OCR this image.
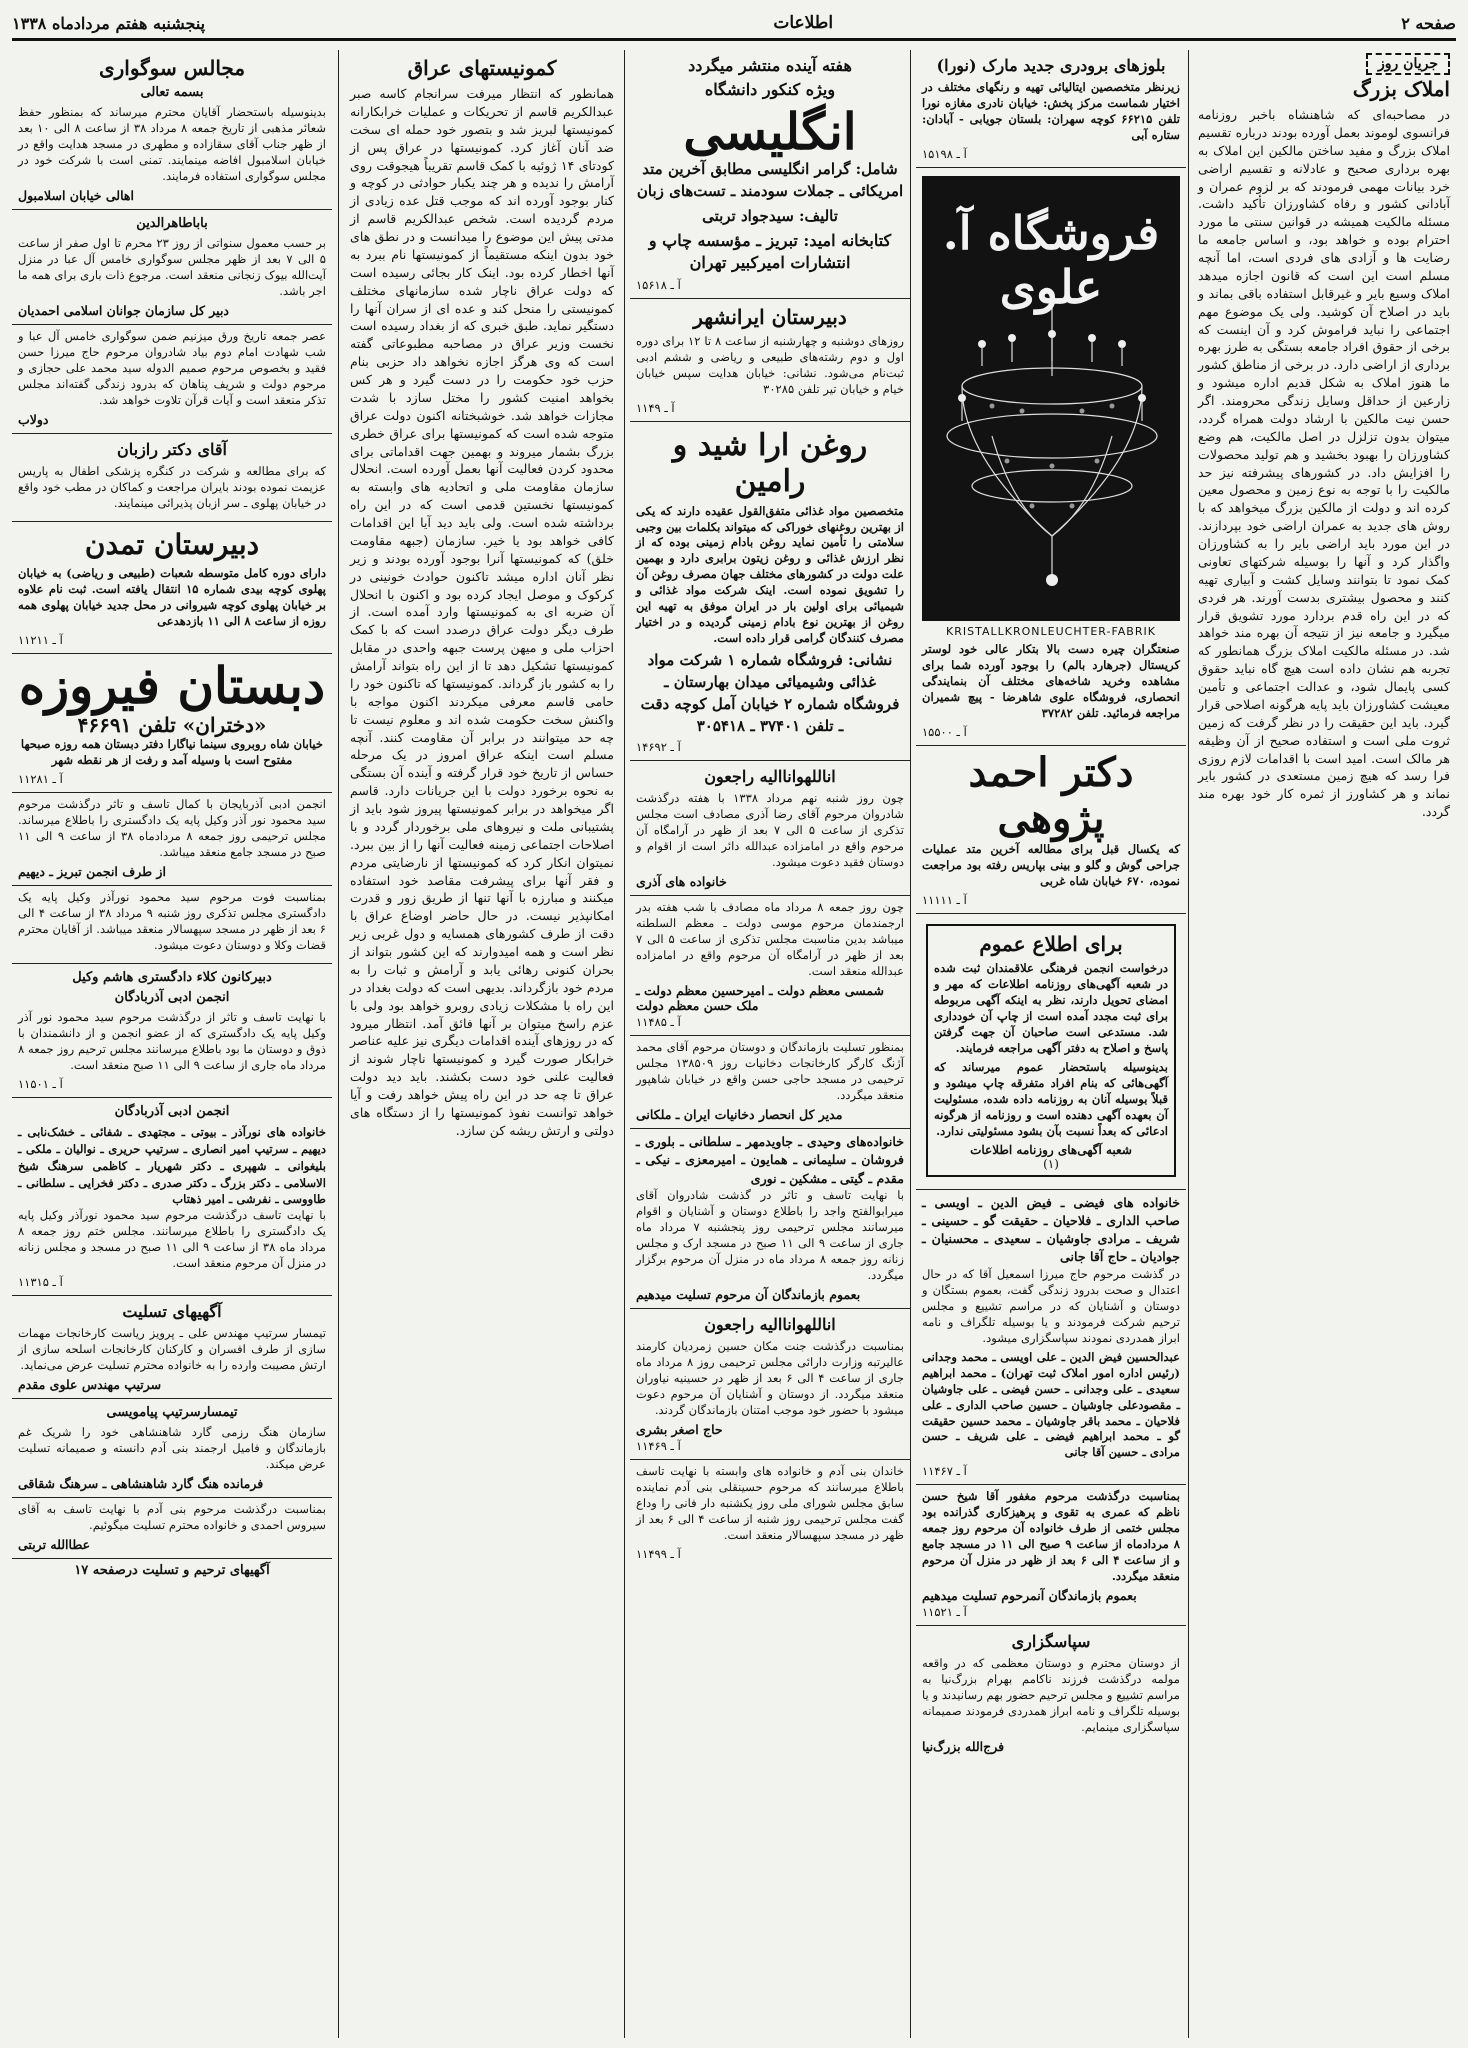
صفحه ۲
اطلاعات
پنجشنبه هفتم مردادماه ۱۳۳۸
جریان روز
املاک بزرگ

در مصاحبه‌ای که شاهنشاه باخبر روزنامه فرانسوی لوموند بعمل آورده بودند درباره تقسیم املاک بزرگ و مفید ساختن مالکین این املاک به بهره برداری صحیح و عادلانه و تقسیم اراضی خرد بیانات مهمی فرمودند که بر لزوم عمران و آبادانی کشور و رفاه کشاورزان تأکید داشت. مسئله مالکیت همیشه در قوانین سنتی ما مورد احترام بوده و خواهد بود، و اساس جامعه ما رضایت ها و آزادی های فردی است، اما آنچه مسلم است این است که قانون اجازه میدهد املاک وسیع بایر و غیرقابل استفاده باقی بماند و باید در اصلاح آن کوشید. ولی یک موضوع مهم اجتماعی را نباید فراموش کرد و آن اینست که برخی از حقوق افراد جامعه بستگی به طرز بهره برداری از اراضی دارد. در برخی از مناطق کشور ما هنوز املاک به شکل قدیم اداره میشود و زارعین از حداقل وسایل زندگی محرومند. اگر حسن نیت مالکین با ارشاد دولت همراه گردد، میتوان بدون تزلزل در اصل مالکیت، هم وضع کشاورزان را بهبود بخشید و هم تولید محصولات را افزایش داد. در کشورهای پیشرفته نیز حد مالکیت را با توجه به نوع زمین و محصول معین کرده اند و دولت از مالکین بزرگ میخواهد که با روش های جدید به عمران اراضی خود بپردازند. در این مورد باید اراضی بایر را به کشاورزان واگذار کرد و آنها را بوسیله شرکتهای تعاونی کمک نمود تا بتوانند وسایل کشت و آبیاری تهیه کنند و محصول بیشتری بدست آورند. هر فردی که در این راه قدم بردارد مورد تشویق قرار میگیرد و جامعه نیز از نتیجه آن بهره مند خواهد شد. در مسئله مالکیت املاک بزرگ همانطور که تجربه هم نشان داده است هیچ گاه نباید حقوق کسی پایمال شود، و عدالت اجتماعی و تأمین معیشت کشاورزان باید پایه هرگونه اصلاحی قرار گیرد. باید این حقیقت را در نظر گرفت که زمین ثروت ملی است و استفاده صحیح از آن وظیفه هر مالک است. امید است با اقدامات لازم روزی فرا رسد که هیچ زمین مستعدی در کشور بایر نماند و هر کشاورز از ثمره کار خود بهره مند گردد.

بلوزهای برودری جدید مارک (نورا)

زیرنظر متخصصین ایتالیائی تهیه و رنگهای مختلف در اختیار شماست مرکز پخش: خیابان نادری مغازه نورا تلفن ۶۶۲۱۵ کوچه سهران: بلستان جویابی - آبادان: ستاره آبی

آ ـ ۱۵۱۹۸
فروشگاه آ. علوی
KRISTALLKRONLEUCHTER-FABRIK

صنعتگران چیره دست بالا بتکار عالی خود لوستر کریستال (جرهارد بالم) را بوجود آورده شما برای مشاهده وخرید شاخه‌های مختلف آن بنمایندگی انحصاری، فروشگاه علوی شاهرضا - پیچ شمیران مراجعه فرمائید. تلفن ۳۷۲۸۲

آ ـ ۱۵۵۰۰
دکتر احمد پژوهی

که یکسال قبل برای مطالعه آخرین متد عملیات جراحی گوش و گلو و بینی بپاریس رفته بود مراجعت نموده، ۶۷۰ خیابان شاه غربی

آ ـ ۱۱۱۱۱
برای اطلاع عموم

درخواست انجمن فرهنگی علاقمندان ثبت شده در شعبه آگهی‌های روزنامه اطلاعات که مهر و امضای تحویل دارند، نظر به اینکه آگهی مربوطه برای ثبت مجدد آمده است از چاپ آن خودداری شد. مستدعی است صاحبان آن جهت گرفتن پاسخ و اصلاح به دفتر آگهی مراجعه فرمایند.

بدینوسیله باستحضار عموم میرساند که آگهی‌هائی که بنام افراد متفرقه چاپ میشود و قبلاً بوسیله آنان به روزنامه داده شده، مسئولیت آن بعهده آگهی دهنده است و روزنامه از هرگونه ادعائی که بعداً نسبت بآن بشود مسئولیتی ندارد.

شعبه آگهی‌های روزنامه اطلاعات
(۱)
خانواده های فیضی ـ فیض الدین ـ اویسی ـ صاحب الداری ـ فلاحیان ـ حقیقت گو ـ حسینی ـ شریف ـ مرادی جاوشیان ـ سعیدی ـ محسنیان ـ جوادیان ـ حاج آقا جانی

در گذشت مرحوم حاج میرزا اسمعیل آقا که در حال اعتدال و صحت بدرود زندگی گفت، بعموم بستگان و دوستان و آشنایان که در مراسم تشییع و مجلس ترحیم شرکت فرمودند و یا بوسیله تلگراف و نامه ابراز همدردی نمودند سپاسگزاری میشود.

عبدالحسین فیض الدین ـ علی اویسی ـ محمد وجدانی (رئیس اداره امور املاک ثبت تهران) ـ محمد ابراهیم سعیدی ـ علی وجدانی ـ حسن فیضی ـ علی جاوشیان ـ مقصودعلی جاوشیان ـ حسین صاحب الداری ـ علی فلاحیان ـ محمد باقر جاوشیان ـ محمد حسین حقیقت گو ـ محمد ابراهیم فیضی ـ علی شریف ـ حسن مرادی ـ حسین آقا جانی

آ ـ ۱۱۴۶۷

بمناسبت درگذشت مرحوم مغفور آقا شیخ حسن ناظم که عمری به تقوی و پرهیزکاری گذرانده بود مجلس ختمی از طرف خانواده آن مرحوم روز جمعه ۸ مردادماه از ساعت ۹ صبح الی ۱۱ در مسجد جامع و از ساعت ۴ الی ۶ بعد از ظهر در منزل آن مرحوم منعقد میگردد.

بعموم بازماندگان آنمرحوم تسلیت میدهیم
آ ـ ۱۱۵۲۱
سپاسگزاری

از دوستان محترم و دوستان معظمی که در واقعه مولمه درگذشت فرزند ناکامم بهرام بزرگ‌نیا به مراسم تشییع و مجلس ترحیم حضور بهم رسانیدند و یا بوسیله تلگراف و نامه ابراز همدردی فرمودند صمیمانه سپاسگزاری مینمایم.

فرج‌الله بزرگ‌نیا
هفته آینده منتشر میگردد
ویژه کنکور دانشگاه
انگلیسی

شامل: گرامر انگلیسی مطابق آخرین متد امریکائی ـ جملات سودمند ـ تست‌های زبان

تالیف: سیدجواد تربتی

کتابخانه امید: تبریز ـ مؤسسه چاپ و انتشارات امیرکبیر تهران

آ ـ ۱۵۶۱۸
دبیرستان ایرانشهر

روزهای دوشنبه و چهارشنبه از ساعت ۸ تا ۱۲ برای دوره اول و دوم رشته‌های طبیعی و ریاضی و ششم ادبی ثبت‌نام می‌شود. نشانی: خیابان هدایت سپس خیابان خیام و خیابان تیر تلفن ۳۰۲۸۵

آ ـ ۱۱۴۹
روغن ارا شید و رامین

متخصصین مواد غذائی متفق‌القول عقیده دارند که یکی از بهترین روغنهای خوراکی که میتواند بکلمات بین وجبی سلامتی را تأمین نماید روغن بادام زمینی بوده که از نظر ارزش غذائی و روغن زیتون برابری دارد و بهمین علت دولت در کشورهای مختلف جهان مصرف روغن آن را تشویق نموده است. اینک شرکت مواد غذائی و شیمیائی برای اولین بار در ایران موفق به تهیه این روغن از بهترین نوع بادام زمینی گردیده و در اختیار مصرف کنندگان گرامی قرار داده است.

نشانی: فروشگاه شماره ۱ شرکت مواد غذائی وشیمیائی میدان بهارستان ـ فروشگاه شماره ۲ خیابان آمل کوچه دقت ـ تلفن ۳۷۴۰۱ ـ ۳۰۵۴۱۸

آ ـ ۱۴۶۹۲
اناللهوانااليه راجعون

چون روز شنبه نهم مرداد ۱۳۳۸ با هفته درگذشت شادروان مرحوم آقای رضا آذری مصادف است مجلس تذکری از ساعت ۵ الی ۷ بعد از ظهر در آرامگاه آن مرحوم واقع در امامزاده عبدالله دائر است از اقوام و دوستان فقید دعوت میشود.

خانواده های آذری

چون روز جمعه ۸ مرداد ماه مصادف با شب هفته بدر ارجمندمان مرحوم موسی دولت ـ معظم السلطنه میباشد بدین مناسبت مجلس تذکری از ساعت ۵ الی ۷ بعد از ظهر در آرامگاه آن مرحوم واقع در امامزاده عبدالله منعقد است.

شمسی معظم دولت ـ امیرحسین معظم دولت ـ ملک حسن معظم دولت
آ ـ ۱۱۴۸۵

بمنظور تسلیت بازماندگان و دوستان مرحوم آقای محمد آژنگ کارگر کارخانجات دخانیات روز ۱۳۸۵۰۹ مجلس ترحیمی در مسجد حاجی حسن واقع در خیابان شاهپور منعقد میگردد.

مدیر کل انحصار دخانیات ایران ـ ملکانی
خانواده‌های وحیدی ـ جاویدمهر ـ سلطانی ـ بلوری ـ فروشان ـ سلیمانی ـ همایون ـ امیرمعزی ـ نیکی ـ مقدم ـ گیتی ـ مشکین ـ نوری

با نهایت تاسف و تاثر در گذشت شادروان آقای میرابوالفتح واجد را باطلاع دوستان و آشنایان و اقوام میرسانند مجلس ترحیمی روز پنجشنبه ۷ مرداد ماه جاری از ساعت ۹ الی ۱۱ صبح در مسجد ارک و مجلس زنانه روز جمعه ۸ مرداد ماه در منزل آن مرحوم برگزار میگردد.

بعموم بازماندگان آن مرحوم تسلیت میدهیم
اناللهواناالیه راجعون

بمناسبت درگذشت جنت مکان حسین زمردیان کارمند عالیرتبه وزارت دارائی مجلس ترحیمی روز ۸ مرداد ماه جاری از ساعت ۴ الی ۶ بعد از ظهر در حسینیه نیاوران منعقد میگردد. از دوستان و آشنایان آن مرحوم دعوت میشود با حضور خود موجب امتنان بازماندگان گردند.

حاج اصغر بشری
آ ـ ۱۱۴۶۹

خاندان بنی آدم و خانواده های وابسته با نهایت تاسف باطلاع میرسانند که مرحوم حسینقلی بنی آدم نماینده سابق مجلس شورای ملی روز یکشنبه دار فانی را وداع گفت مجلس ترحیمی روز شنبه از ساعت ۴ الی ۶ بعد از ظهر در مسجد سپهسالار منعقد است.

آ ـ ۱۱۴۹۹
مجالس سوگواری
بسمه تعالی

بدینوسیله باستحضار آقایان محترم میرساند که بمنظور حفظ شعائر مذهبی از تاریخ جمعه ۸ مرداد ۳۸ از ساعت ۸ الی ۱۰ بعد از ظهر جناب آقای سقازاده و مطهری در مسجد هدایت واقع در خیابان اسلامبول افاضه مینمایند. تمنی است با شرکت خود در مجلس سوگواری استفاده فرمایند.

اهالی خیابان اسلامبول
باباطاهرالدین

بر حسب معمول سنواتی از روز ۲۳ محرم تا اول صفر از ساعت ۵ الی ۷ بعد از ظهر مجلس سوگواری خامس آل عبا در منزل آیت‌الله بیوک زنجانی منعقد است. مرجوع ذات باری برای همه ما اجر باشد.

دبیر کل سازمان جوانان اسلامی احمدیان

عصر جمعه تاریخ ورق میزنیم ضمن سوگواری خامس آل عبا و شب شهادت امام دوم بیاد شادروان مرحوم حاج میرزا حسن فقید و بخصوص مرحوم صمیم الدوله سید محمد علی حجازی و مرحوم دولت و شریف پناهان که بدرود زندگی گفته‌اند مجلس تذکر منعقد است و آیات قرآن تلاوت خواهد شد.

دولاب
آقای دکتر رازبان

که برای مطالعه و شرکت در کنگره پزشکی اطفال به پاریس عزیمت نموده بودند بایران مراجعت و کماکان در مطب خود واقع در خیابان پهلوی ـ سر ازبان پذیرائی مینمایند.

دبیرستان تمدن

دارای دوره کامل متوسطه شعبات (طبیعی و ریاضی) به خیابان پهلوی کوچه بیدی شماره ۱۵ انتقال یافته است. ثبت نام علاوه بر خیابان پهلوی کوچه شیروانی در محل جدید خیابان پهلوی همه روزه از ساعت ۸ الی ۱۱ بازدهدعی

آ ـ ۱۱۲۱۱
دبستان فیروزه
«دختران» تلفن ۴۶۶۹۱

خیابان شاه روبروی سینما نیاگارا دفتر دبستان همه روزه صبحها مفتوح است با وسیله آمد و رفت از هر نقطه شهر

آ ـ ۱۱۲۸۱

انجمن ادبی آذربایجان با کمال تاسف و تاثر درگذشت مرحوم سید محمود نور آذر وکیل پایه یک دادگستری را باطلاع میرساند. مجلس ترحیمی روز جمعه ۸ مردادماه ۳۸ از ساعت ۹ الی ۱۱ صبح در مسجد جامع منعقد میباشد.

از طرف انجمن تبریز ـ دیهیم

بمناسبت فوت مرحوم سید محمود نورآذر وکیل پایه یک دادگستری مجلس تذکری روز شنبه ۹ مرداد ۳۸ از ساعت ۴ الی ۶ بعد از ظهر در مسجد سپهسالار منعقد میباشد. از آقایان محترم قضات وکلا و دوستان دعوت میشود.

دبیرکانون کلاء دادگستری هاشم وکیل
انجمن ادبی آذربادگان

با نهایت تاسف و تاثر از درگذشت مرحوم سید محمود نور آذر وکیل پایه یک دادگستری که از عضو انجمن و از دانشمندان با ذوق و دوستان ما بود باطلاع میرسانند مجلس ترحیم روز جمعه ۸ مرداد ماه جاری از ساعت ۹ الی ۱۱ صبح منعقد است.

آ ـ ۱۱۵۰۱
انجمن ادبی آذربادگان
خانواده های نورآذر ـ بیوتی ـ مجتهدی ـ شفائی ـ خشک‌نابی ـ دیهیم ـ سرتیپ امیر انصاری ـ سرتیپ حریری ـ نوالیان ـ ملکی ـ بلیغوانی ـ شهپری ـ دکتر شهریار ـ کاظمی سرهنگ شیخ الاسلامی ـ دکتر بزرگ ـ دکتر صدری ـ دکتر فخرایی ـ سلطانی ـ طاووسی ـ نفرشی ـ امیر ذهتاب

با نهایت تاسف درگذشت مرحوم سید محمود نورآذر وکیل پایه یک دادگستری را باطلاع میرسانند. مجلس ختم روز جمعه ۸ مرداد ماه ۳۸ از ساعت ۹ الی ۱۱ صبح در مسجد و مجلس زنانه در منزل آن مرحوم منعقد است.

آ ـ ۱۱۳۱۵
آگهیهای تسلیت

تیمسار سرتیپ مهندس علی ـ پرویز ریاست کارخانجات مهمات سازی از طرف افسران و کارکنان کارخانجات اسلحه سازی از ارتش مصیبت وارده را به خانواده محترم تسلیت عرض می‌نماید.

سرتیپ مهندس علوی مقدم
تیمسارسرتیپ پیامویسی

سازمان هنگ رزمی گارد شاهنشاهی خود را شریک غم بازماندگان و فامیل ارجمند بنی آدم دانسته و صمیمانه تسلیت عرض میکند.

فرمانده هنگ گارد شاهنشاهی ـ سرهنگ شقاقی

بمناسبت درگذشت مرحوم بنی آدم با نهایت تاسف به آقای سیروس احمدی و خانواده محترم تسلیت میگوئیم.

عطاالله تربتی
آگهیهای ترحیم و تسلیت درصفحه ۱۷
کمونیستهای عراق

همانطور که انتظار میرفت سرانجام کاسه صبر عبدالکریم قاسم از تحریکات و عملیات خرابکارانه کمونیستها لبریز شد و بتصور خود حمله ای سخت ضد آنان آغاز کرد. کمونیستها در عراق پس از کودتای ۱۴ ژوئیه با کمک قاسم تقریباً هیجوقت روی آرامش را ندیده و هر چند یکبار حوادثی در کوچه و کنار بوجود آورده اند که موجب قتل عده زیادی از مردم گردیده است. شخص عبدالکریم قاسم از مدتی پیش این موضوع را میدانست و در نطق های خود بدون اینکه مستقیماً از کمونیستها نام ببرد به آنها اخطار کرده بود. اینک کار بجائی رسیده است که دولت عراق ناچار شده سازمانهای مختلف کمونیستی را منحل کند و عده ای از سران آنها را دستگیر نماید. طبق خبری که از بغداد رسیده است نخست وزیر عراق در مصاحبه مطبوعاتی گفته است که وی هرگز اجازه نخواهد داد حزبی بنام حزب خود حکومت را در دست گیرد و هر کس بخواهد امنیت کشور را مختل سازد با شدت مجازات خواهد شد. خوشبختانه اکنون دولت عراق متوجه شده است که کمونیستها برای عراق خطری بزرگ بشمار میروند و بهمین جهت اقداماتی برای محدود کردن فعالیت آنها بعمل آورده است. انحلال سازمان مقاومت ملی و اتحادیه های وابسته به کمونیستها نخستین قدمی است که در این راه برداشته شده است. ولی باید دید آیا این اقدامات کافی خواهد بود یا خیر. سازمان (جبهه مقاومت خلق) که کمونیستها آنرا بوجود آورده بودند و زیر نظر آنان اداره میشد تاکنون حوادث خونینی در کرکوک و موصل ایجاد کرده بود و اکنون با انحلال آن ضربه ای به کمونیستها وارد آمده است. از طرف دیگر دولت عراق درصدد است که با کمک احزاب ملی و میهن پرست جبهه واحدی در مقابل کمونیستها تشکیل دهد تا از این راه بتواند آرامش را به کشور باز گرداند. کمونیستها که تاکنون خود را حامی قاسم معرفی میکردند اکنون مواجه با واکنش سخت حکومت شده اند و معلوم نیست تا چه حد میتوانند در برابر آن مقاومت کنند. آنچه مسلم است اینکه عراق امروز در یک مرحله حساس از تاریخ خود قرار گرفته و آینده آن بستگی به نحوه برخورد دولت با این جریانات دارد. قاسم اگر میخواهد در برابر کمونیستها پیروز شود باید از پشتیبانی ملت و نیروهای ملی برخوردار گردد و با اصلاحات اجتماعی زمینه فعالیت آنها را از بین ببرد. نمیتوان انکار کرد که کمونیستها از نارضایتی مردم و فقر آنها برای پیشرفت مقاصد خود استفاده میکنند و مبارزه با آنها تنها از طریق زور و قدرت امکانپذیر نیست. در حال حاضر اوضاع عراق با دقت از طرف کشورهای همسایه و دول غربی زیر نظر است و همه امیدوارند که این کشور بتواند از بحران کنونی رهائی یابد و آرامش و ثبات را به مردم خود بازگرداند. بدیهی است که دولت بغداد در این راه با مشکلات زیادی روبرو خواهد بود ولی با عزم راسخ میتوان بر آنها فائق آمد. انتظار میرود که در روزهای آینده اقدامات دیگری نیز علیه عناصر خرابکار صورت گیرد و کمونیستها ناچار شوند از فعالیت علنی خود دست بکشند. باید دید دولت عراق تا چه حد در این راه پیش خواهد رفت و آیا خواهد توانست نفوذ کمونیستها را از دستگاه های دولتی و ارتش ریشه کن سازد.
